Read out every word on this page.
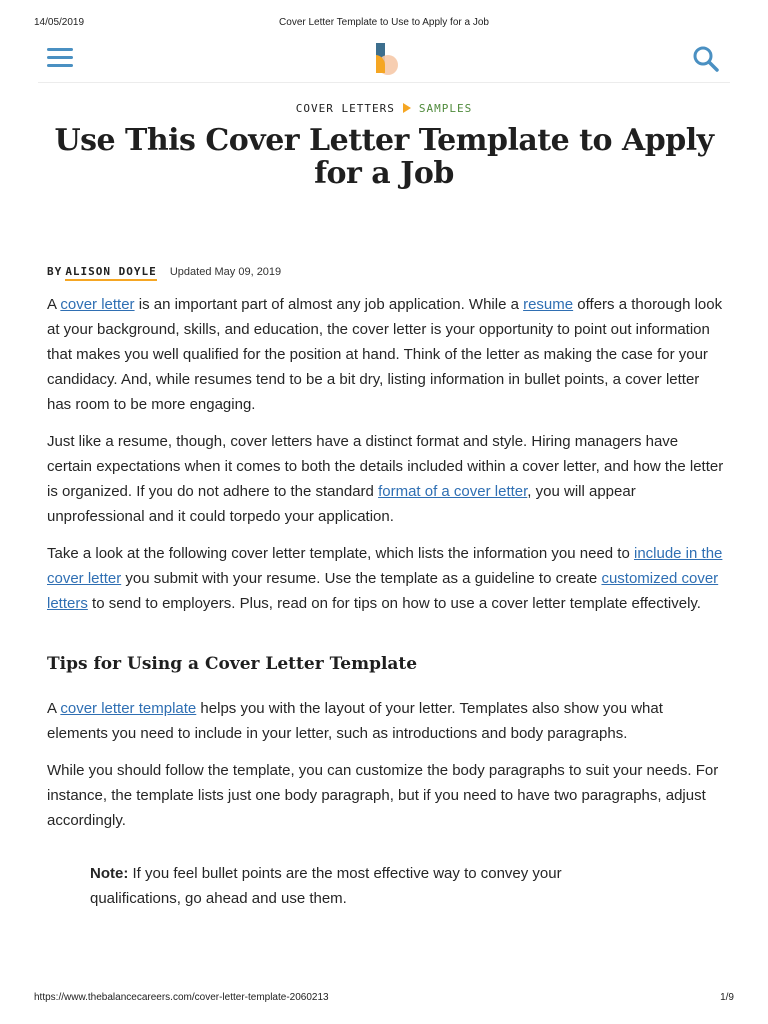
14/05/2019	Cover Letter Template to Use to Apply for a Job
COVER LETTERS SAMPLES
Use This Cover Letter Template to Apply for a Job
BY ALISON DOYLE Updated May 09, 2019

A cover letter is an important part of almost any job application. While a resume offers a thorough look at your background, skills, and education, the cover letter is your opportunity to point out information that makes you well qualified for the position at hand. Think of the letter as making the case for your candidacy. And, while resumes tend to be a bit dry, listing information in bullet points, a cover letter has room to be more engaging.

Just like a resume, though, cover letters have a distinct format and style. Hiring managers have certain expectations when it comes to both the details included within a cover letter, and how the letter is organized. If you do not adhere to the standard format of a cover letter, you will appear unprofessional and it could torpedo your application.

Take a look at the following cover letter template, which lists the information you need to include in the cover letter you submit with your resume. Use the template as a guideline to create customized cover letters to send to employers. Plus, read on for tips on how to use a cover letter template effectively.

Tips for Using a Cover Letter Template

A cover letter template helps you with the layout of your letter. Templates also show you what elements you need to include in your letter, such as introductions and body paragraphs.

While you should follow the template, you can customize the body paragraphs to suit your needs. For instance, the template lists just one body paragraph, but if you need to have two paragraphs, adjust accordingly.

Note: If you feel bullet points are the most effective way to convey your qualifications, go ahead and use them.

https://www.thebalancecareers.com/cover-letter-template-2060213	1/9
